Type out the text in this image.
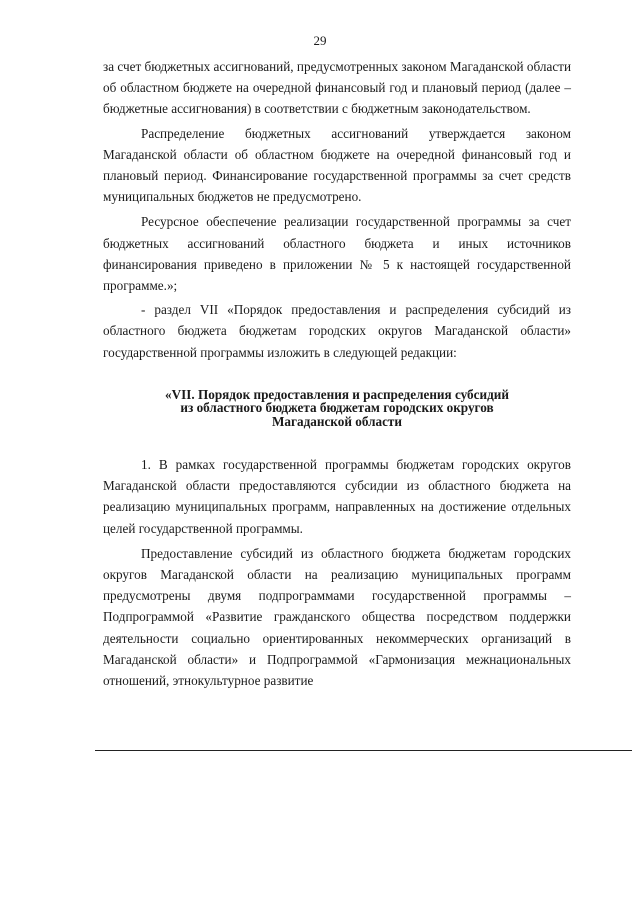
29

за счет бюджетных ассигнований, предусмотренных законом Магаданской области об областном бюджете на очередной финансовый год и плановый период (далее – бюджетные ассигнования) в соответствии с бюджетным законодательством.

Распределение бюджетных ассигнований утверждается законом Магаданской области об областном бюджете на очередной финансовый год и плановый период. Финансирование государственной программы за счет средств муниципальных бюджетов не предусмотрено.

Ресурсное обеспечение реализации государственной программы за счет бюджетных ассигнований областного бюджета и иных источников финансирования приведено в приложении № 5 к настоящей государственной программе.»;

- раздел VII «Порядок предоставления и распределения субсидий из областного бюджета бюджетам городских округов Магаданской области» государственной программы изложить в следующей редакции:

«VII. Порядок предоставления и распределения субсидий
из областного бюджета бюджетам городских округов
Магаданской области

1. В рамках государственной программы бюджетам городских округов Магаданской области предоставляются субсидии из областного бюджета на реализацию муниципальных программ, направленных на достижение отдельных целей государственной программы.

Предоставление субсидий из областного бюджета бюджетам городских округов Магаданской области на реализацию муниципальных программ предусмотрены двумя подпрограммами государственной программы – Подпрограммой «Развитие гражданского общества посредством поддержки деятельности социально ориентированных некоммерческих организаций в Магаданской области» и Подпрограммой «Гармонизация межнациональных отношений, этнокультурное развитие
